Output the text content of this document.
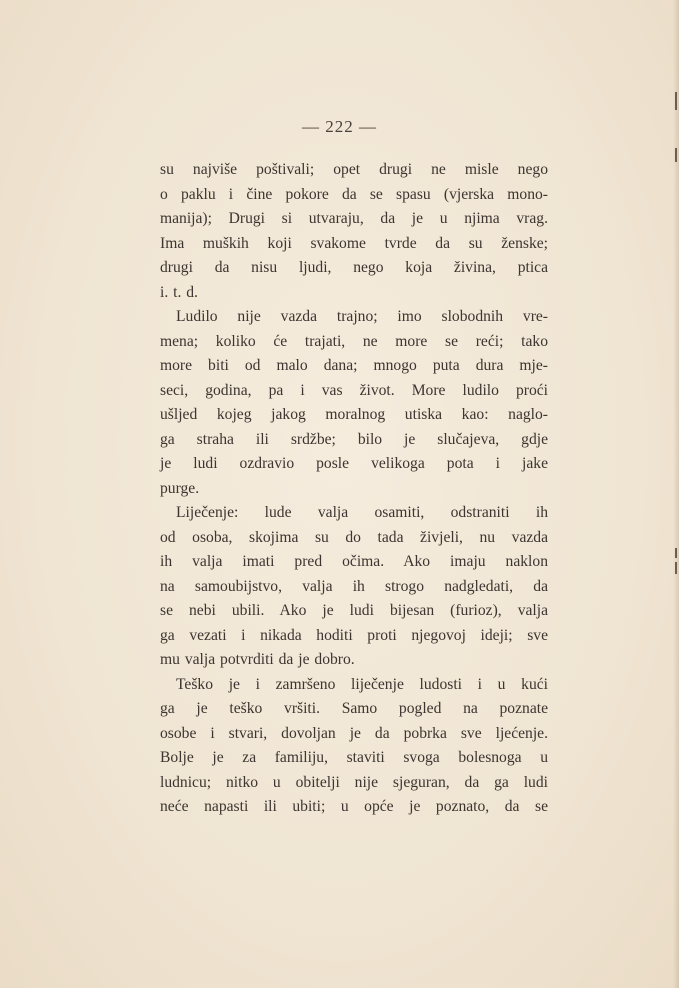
— 222 —
su najviše poštivali; opet drugi ne misle nego
o paklu i čine pokore da se spasu (vjerska mono-
manija); Drugi si utvaraju, da je u njima vrag.
Ima muških koji svakome tvrde da su ženske;
drugi da nisu ljudi, nego koja živina, ptica
i. t. d.
Ludilo nije vazda trajno; imo slobodnih vre-
mena; koliko će trajati, ne more se reći; tako
more biti od malo dana; mnogo puta dura mje-
seci, godina, pa i vas život. More ludilo proći
ušljed kojeg jakog moralnog utiska kao: naglo-
ga straha ili srdžbe; bilo je slučajeva, gdje
je ludi ozdravio posle velikoga pota i jake
purge.
Liječenje: lude valja osamiti, odstraniti ih
od osoba, skojima su do tada živjeli, nu vazda
ih valja imati pred očima. Ako imaju naklon
na samoubijstvo, valja ih strogo nadgledati, da
se nebi ubili. Ako je ludi bijesan (furioz), valja
ga vezati i nikada hoditi proti njegovoj ideji; sve
mu valja potvrditi da je dobro.
Teško je i zamršeno liječenje ludosti i u kući
ga je teško vršiti. Samo pogled na poznate
osobe i stvari, dovoljan je da pobrka sve ljećenje.
Bolje je za familiju, staviti svoga bolesnoga u
ludnicu; nitko u obitelji nije sjeguran, da ga ludi
neće napasti ili ubiti; u opće je poznato, da se
